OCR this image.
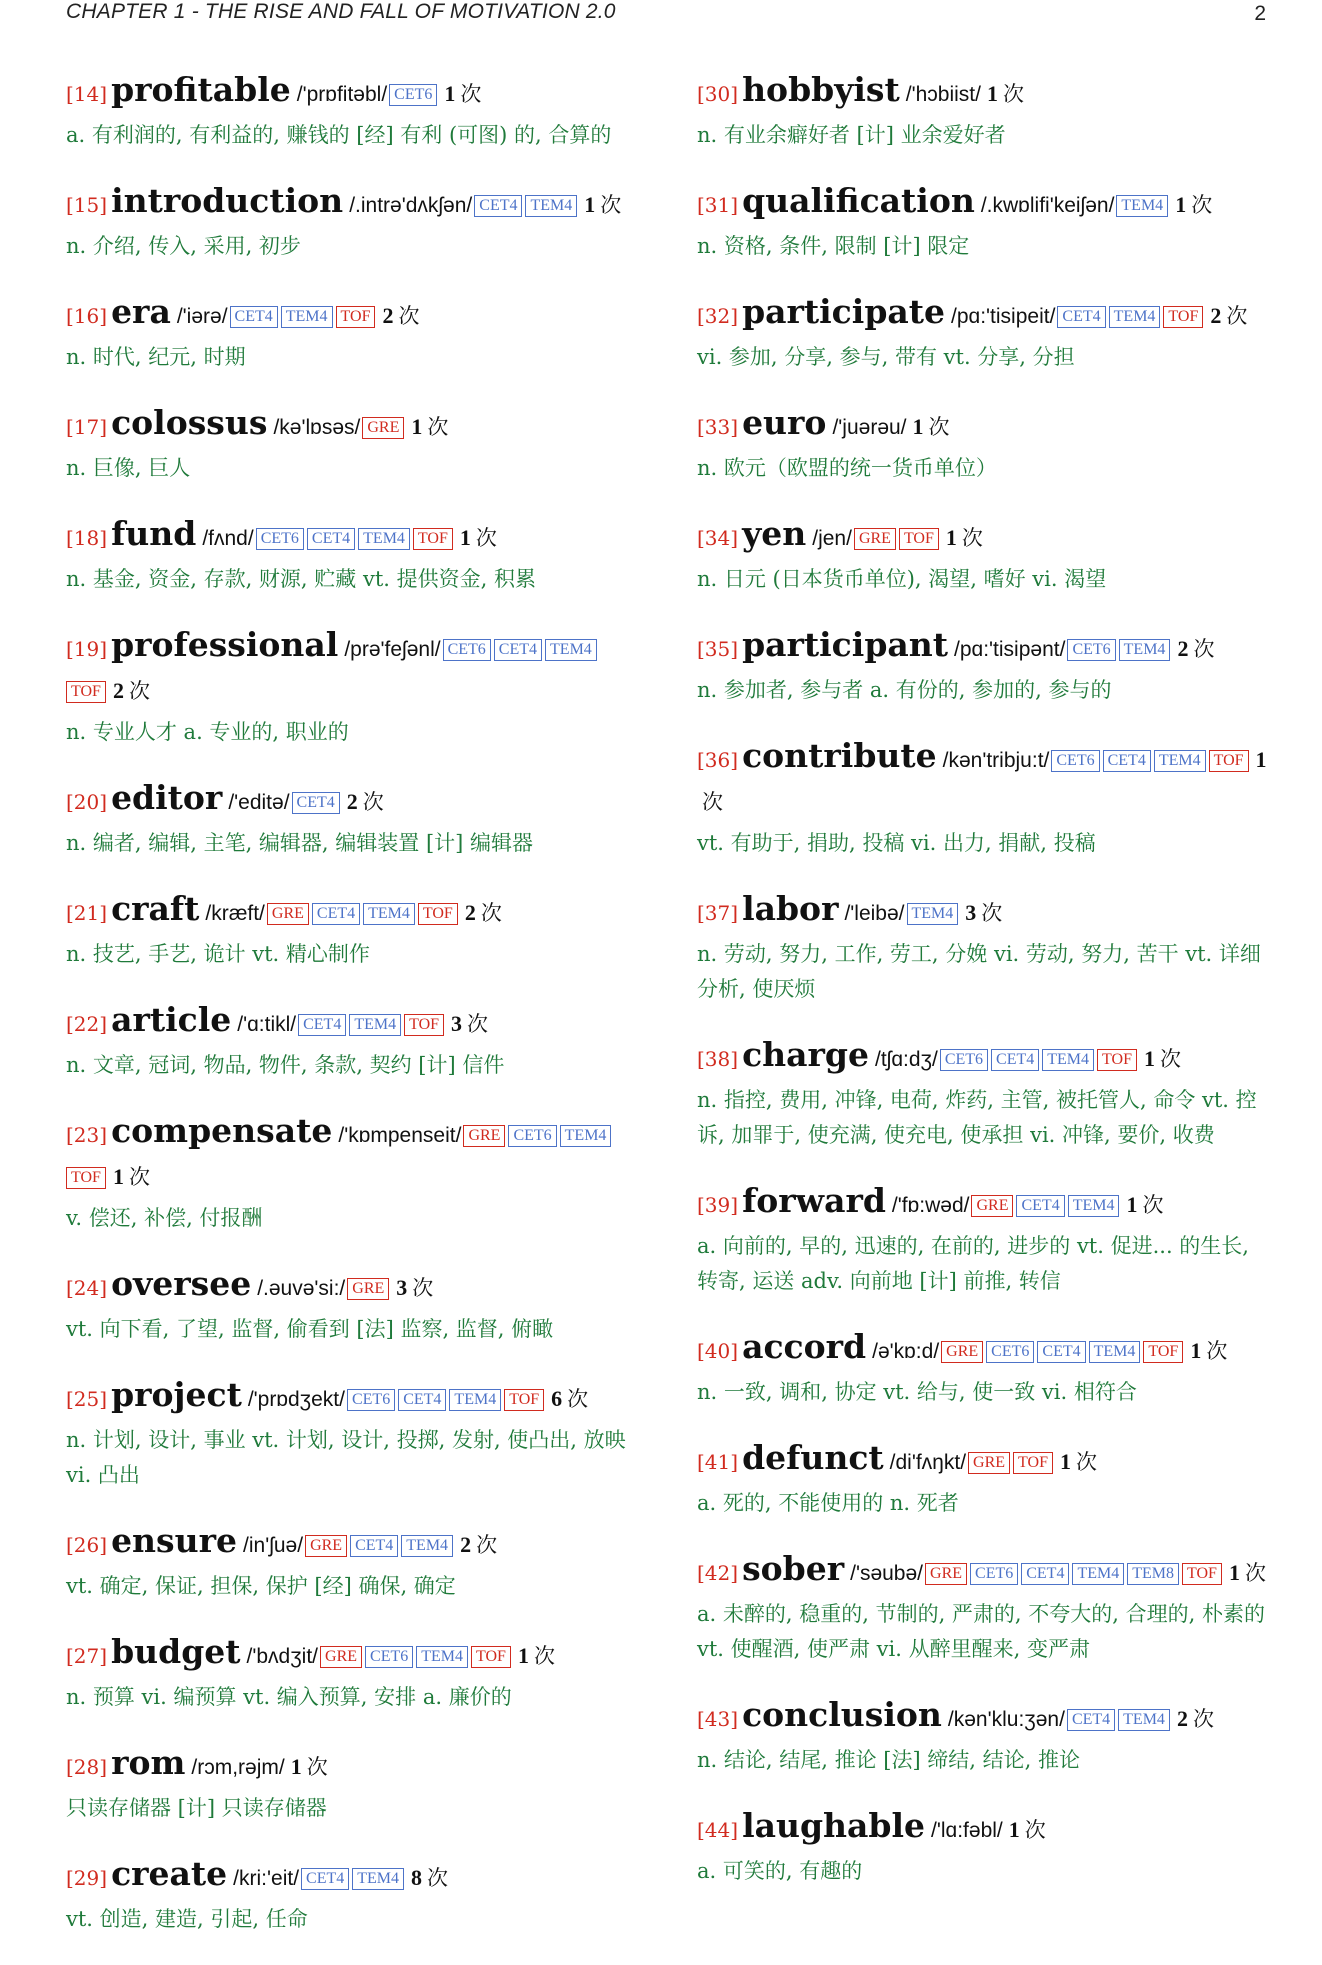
CHAPTER 1 - THE RISE AND FALL OF MOTIVATION 2.0	2
[14] profitable /'prɒfitəbl/ CET6 1 次
a. 有利润的, 有利益的, 赚钱的 [经] 有利 (可图) 的, 合算的
[15] introduction /.intrə'dʌkʃən/ CET4 TEM4 1 次
n. 介绍, 传入, 采用, 初步
[16] era /'iərə/ CET4 TEM4 TOF 2 次
n. 时代, 纪元, 时期
[17] colossus /kə'lɒsəs/ GRE 1 次
n. 巨像, 巨人
[18] fund /fʌnd/ CET6 CET4 TEM4 TOF 1 次
n. 基金, 资金, 存款, 财源, 贮藏 vt. 提供资金, 积累
[19] professional /prə'feʃənl/ CET6 CET4 TEM4TOF 2 次
n. 专业人才 a. 专业的, 职业的
[20] editor /'editə/ CET4 2 次
n. 编者, 编辑, 主笔, 编辑器, 编辑装置 [计] 编辑器
[21] craft /kræft/ GRE CET4 TEM4 TOF 2 次
n. 技艺, 手艺, 诡计 vt. 精心制作
[22] article /'ɑ:tikl/ CET4 TEM4 TOF 3 次
n. 文章, 冠词, 物品, 物件, 条款, 契约 [计] 信件
[23] compensate /'kɒmpenseit/ GRE CET6 TEM4TOF 1 次
v. 偿还, 补偿, 付报酬
[24] oversee /.əuvə'si:/ GRE 3 次
vt. 向下看, 了望, 监督, 偷看到 [法] 监察, 监督, 俯瞰
[25] project /'prɒdʒekt/ CET6 CET4 TEM4 TOF 6 次
n. 计划, 设计, 事业 vt. 计划, 设计, 投掷, 发射, 使凸出, 放映 vi. 凸出
[26] ensure /in'ʃuə/ GRE CET4 TEM4 2 次
vt. 确定, 保证, 担保, 保护 [经] 确保, 确定
[27] budget /'bʌdʒit/ GRE CET6 TEM4 TOF 1 次
n. 预算 vi. 编预算 vt. 编入预算, 安排 a. 廉价的
[28] rom /rɔm,rəjm/ 1 次
只读存储器 [计] 只读存储器
[29] create /kri:'eit/ CET4 TEM4 8 次
vt. 创造, 建造, 引起, 任命
[30] hobbyist /'hɔbiist/ 1 次
n. 有业余癖好者 [计] 业余爱好者
[31] qualification /.kwɒlifi'keiʃən/ TEM4 1 次
n. 资格, 条件, 限制 [计] 限定
[32] participate /pɑ:'tisipeit/ CET4 TEM4 TOF 2 次
vi. 参加, 分享, 参与, 带有 vt. 分享, 分担
[33] euro /'juərəu/ 1 次
n. 欧元（欧盟的统一货币单位）
[34] yen /jen/ GRE TOF 1 次
n. 日元 (日本货币单位), 渴望, 嗜好 vi. 渴望
[35] participant /pɑ:'tisipənt/ CET6 TEM4 2 次
n. 参加者, 参与者 a. 有份的, 参加的, 参与的
[36] contribute /kən'tribju:t/ CET6 CET4 TEM4 TOF 1次
vt. 有助于, 捐助, 投稿 vi. 出力, 捐献, 投稿
[37] labor /'leibə/ TEM4 3 次
n. 劳动, 努力, 工作, 劳工, 分娩 vi. 劳动, 努力, 苦干 vt. 详细分析, 使厌烦
[38] charge /tʃɑ:dʒ/ CET6 CET4 TEM4 TOF 1 次
n. 指控, 费用, 冲锋, 电荷, 炸药, 主管, 被托管人, 命令 vt. 控诉, 加罪于, 使充满, 使充电, 使承担 vi. 冲锋, 要价, 收费
[39] forward /'fɒ:wəd/ GRE CET4 TEM4 1 次
a. 向前的, 早的, 迅速的, 在前的, 进步的 vt. 促进... 的生长, 转寄, 运送 adv. 向前地 [计] 前推, 转信
[40] accord /ə'kɒ:d/ GRE CET6 CET4 TEM4 TOF 1 次
n. 一致, 调和, 协定 vt. 给与, 使一致 vi. 相符合
[41] defunct /di'fʌŋkt/ GRE TOF 1 次
a. 死的, 不能使用的 n. 死者
[42] sober /'səubə/ GRE CET6 CET4 TEM4 TEM8 TOF 1 次
a. 未醉的, 稳重的, 节制的, 严肃的, 不夸大的, 合理的, 朴素的 vt. 使醒酒, 使严肃 vi. 从醉里醒来, 变严肃
[43] conclusion /kən'klu:ʒən/ CET4 TEM4 2 次
n. 结论, 结尾, 推论 [法] 缔结, 结论, 推论
[44] laughable /'lɑ:fəbl/ 1 次
a. 可笑的, 有趣的
